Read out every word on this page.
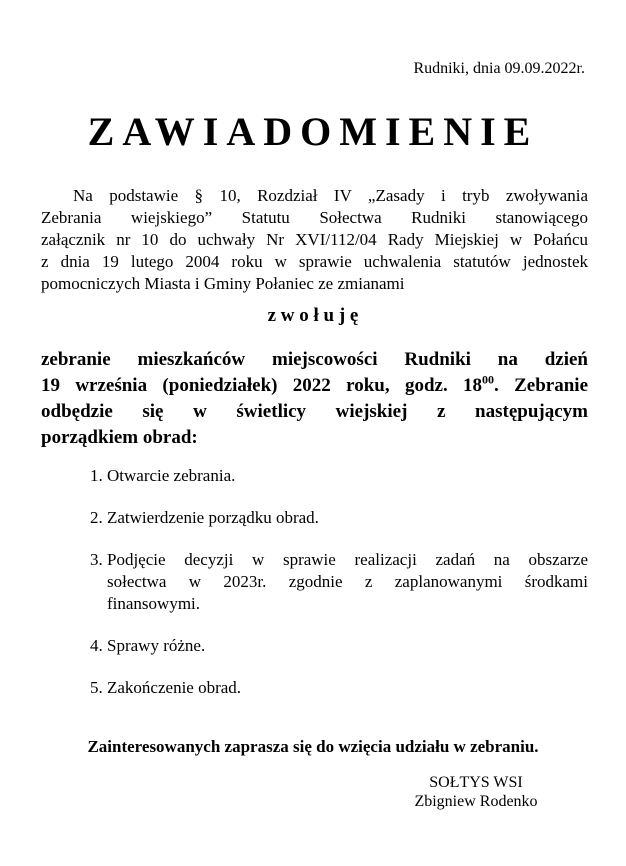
Rudniki, dnia 09.09.2022r.
ZAWIADOMIENIE
Na podstawie § 10, Rozdział IV „Zasady i tryb zwoływania
Zebrania wiejskiego” Statutu Sołectwa Rudniki stanowiącego
załącznik nr 10 do uchwały Nr XVI/112/04 Rady Miejskiej w Połańcu
z dnia 19 lutego 2004 roku w sprawie uchwalenia statutów jednostek
pomocniczych Miasta i Gminy Połaniec ze zmianami
z w o ł u j ę
zebranie mieszkańców miejscowości Rudniki na dzień
19 września (poniedziałek) 2022 roku, godz. $18^{00}$. Zebranie
odbędzie się w świetlicy wiejskiej z następującym
porządkiem obrad:
1. Otwarcie zebrania.
2. Zatwierdzenie porządku obrad.
3. Podjęcie decyzji w sprawie realizacji zadań na obszarze
sołectwa w 2023r. zgodnie z zaplanowanymi środkami
finansowymi.
4. Sprawy różne.
5. Zakończenie obrad.
Zainteresowanych zaprasza się do wzięcia udziału w zebraniu.
SOŁTYS WSI
Zbigniew Rodenko
